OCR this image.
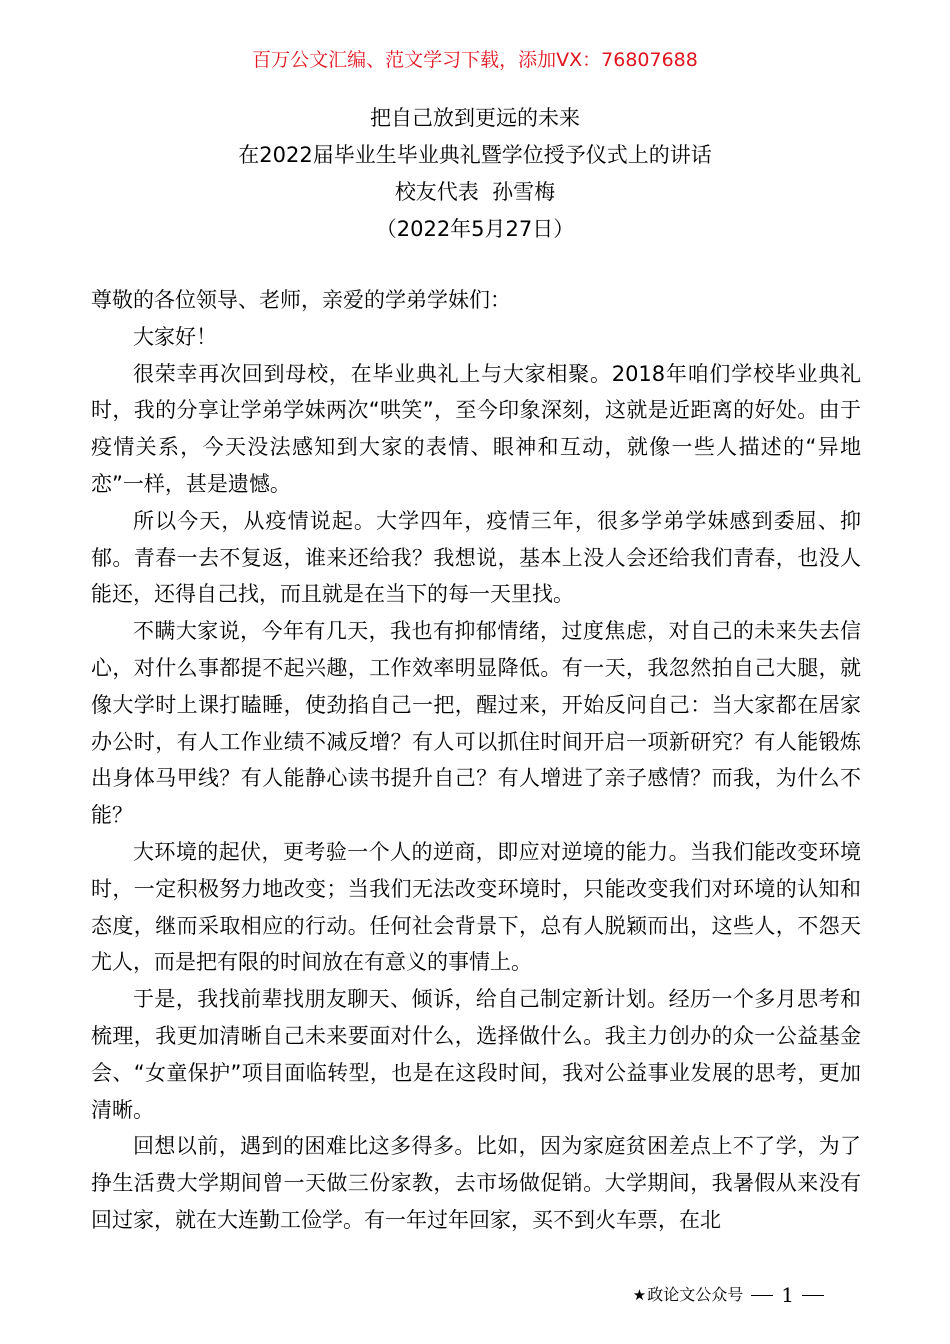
百万公文汇编、范文学习下载，添加VX：76807688
把自己放到更远的未来
在2022届毕业生毕业典礼暨学位授予仪式上的讲话
校友代表  孙雪梅
（2022年5月27日）

尊敬的各位领导、老师，亲爱的学弟学妹们：

大家好！

很荣幸再次回到母校，在毕业典礼上与大家相聚。2018年咱们学校毕业典礼时，我的分享让学弟学妹两次“哄笑”，至今印象深刻，这就是近距离的好处。由于疫情关系，今天没法感知到大家的表情、眼神和互动，就像一些人描述的“异地恋”一样，甚是遗憾。

所以今天，从疫情说起。大学四年，疫情三年，很多学弟学妹感到委屈、抑郁。青春一去不复返，谁来还给我？我想说，基本上没人会还给我们青春，也没人能还，还得自己找，而且就是在当下的每一天里找。

不瞒大家说，今年有几天，我也有抑郁情绪，过度焦虑，对自己的未来失去信心，对什么事都提不起兴趣，工作效率明显降低。有一天，我忽然拍自己大腿，就像大学时上课打瞌睡，使劲掐自己一把，醒过来，开始反问自己：当大家都在居家办公时，有人工作业绩不减反增？有人可以抓住时间开启一项新研究？有人能锻炼出身体马甲线？有人能静心读书提升自己？有人增进了亲子感情？而我，为什么不能？

大环境的起伏，更考验一个人的逆商，即应对逆境的能力。当我们能改变环境时，一定积极努力地改变；当我们无法改变环境时，只能改变我们对环境的认知和态度，继而采取相应的行动。任何社会背景下，总有人脱颖而出，这些人，不怨天尤人，而是把有限的时间放在有意义的事情上。

于是，我找前辈找朋友聊天、倾诉，给自己制定新计划。经历一个多月思考和梳理，我更加清晰自己未来要面对什么，选择做什么。我主力创办的众一公益基金会、“女童保护”项目面临转型，也是在这段时间，我对公益事业发展的思考，更加清晰。

回想以前，遇到的困难比这多得多。比如，因为家庭贫困差点上不了学，为了挣生活费大学期间曾一天做三份家教，去市场做促销。大学期间，我暑假从来没有回过家，就在大连勤工俭学。有一年过年回家，买不到火车票，在北

★ 政论文公众号 1
